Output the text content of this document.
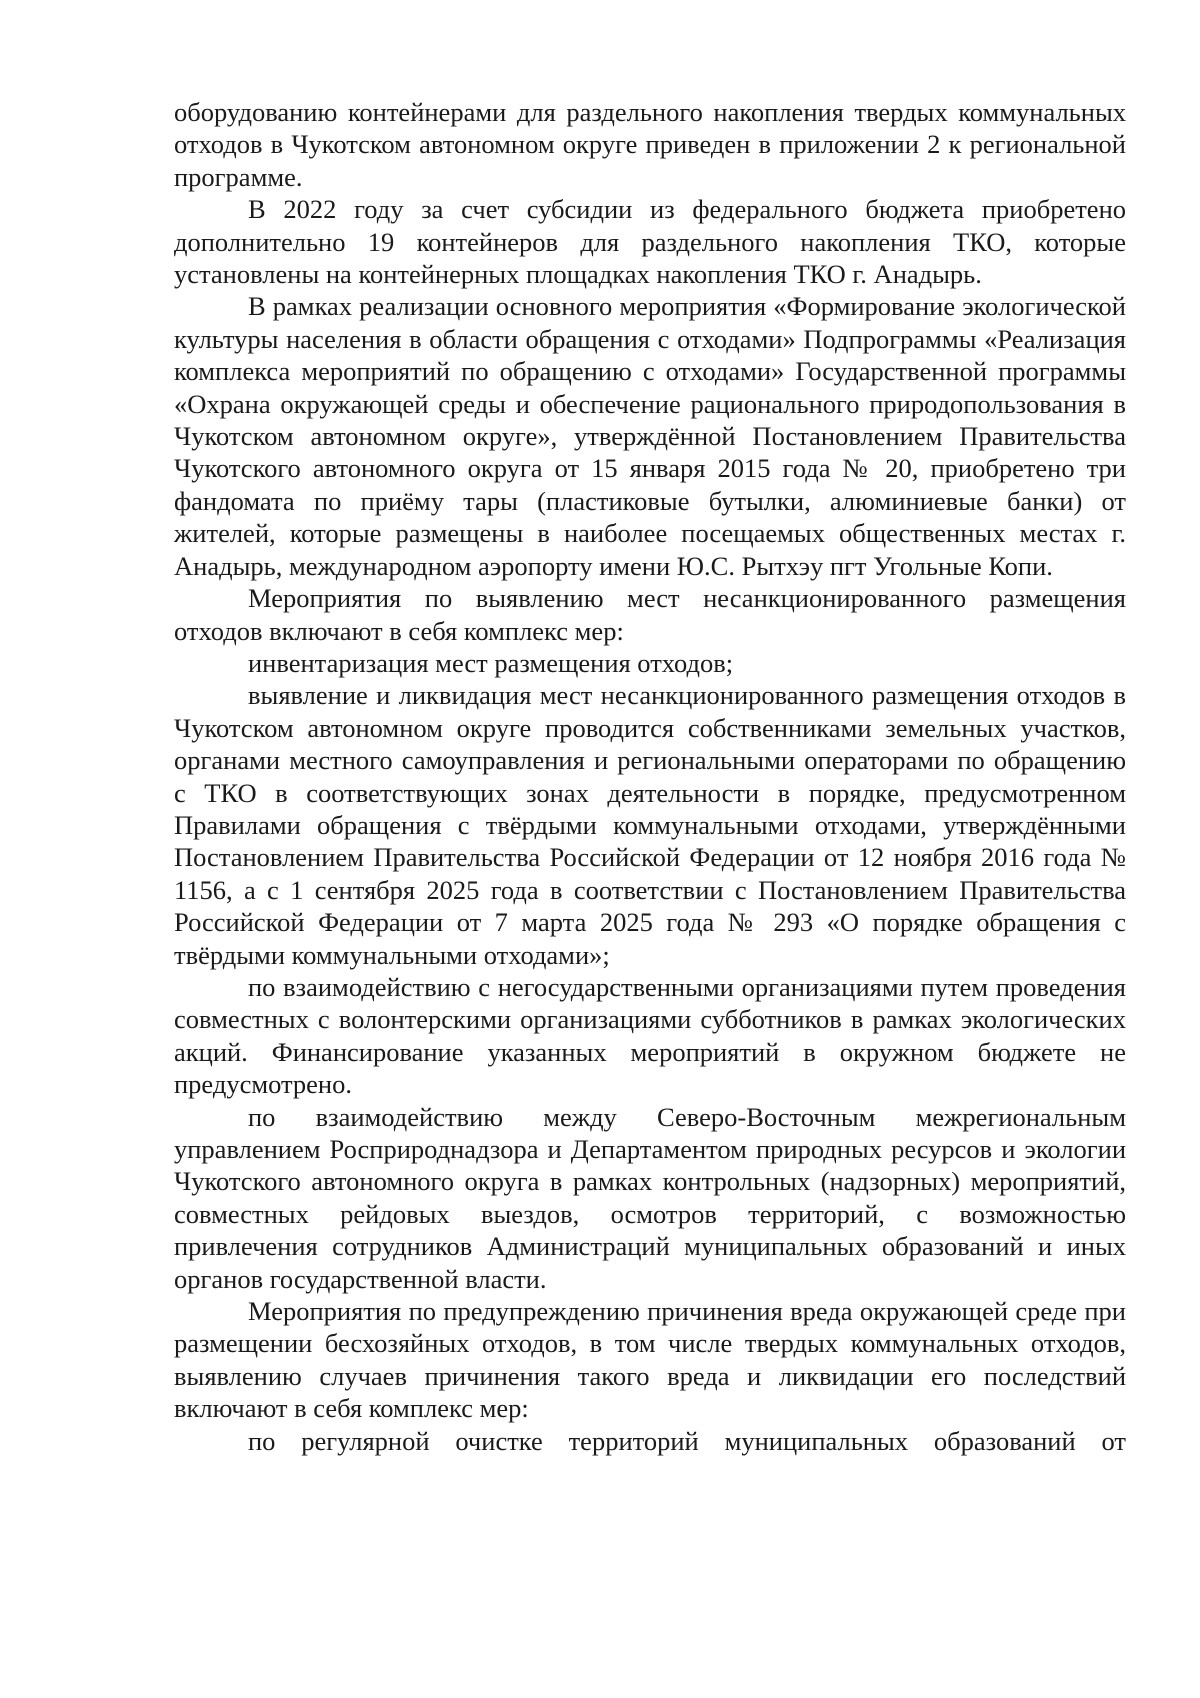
оборудованию контейнерами для раздельного накопления твердых коммунальных отходов в Чукотском автономном округе приведен в приложении 2 к региональной программе.

В 2022 году за счет субсидии из федерального бюджета приобретено дополнительно 19 контейнеров для раздельного накопления ТКО, которые установлены на контейнерных площадках накопления ТКО г. Анадырь.

В рамках реализации основного мероприятия «Формирование экологической культуры населения в области обращения с отходами» Подпрограммы «Реализация комплекса мероприятий по обращению с отходами» Государственной программы «Охрана окружающей среды и обеспечение рационального природопользования в Чукотском автономном округе», утверждённой Постановлением Правительства Чукотского автономного округа от 15 января 2015 года № 20, приобретено три фандомата по приёму тары (пластиковые бутылки, алюминиевые банки) от жителей, которые размещены в наиболее посещаемых общественных местах г. Анадырь, международном аэропорту имени Ю.С. Рытхэу пгт Угольные Копи.

Мероприятия по выявлению мест несанкционированного размещения отходов включают в себя комплекс мер:

инвентаризация мест размещения отходов;

выявление и ликвидация мест несанкционированного размещения отходов в Чукотском автономном округе проводится собственниками земельных участков, органами местного самоуправления и региональными операторами по обращению с ТКО в соответствующих зонах деятельности в порядке, предусмотренном Правилами обращения с твёрдыми коммунальными отходами, утверждёнными Постановлением Правительства Российской Федерации от 12 ноября 2016 года № 1156, а с 1 сентября 2025 года в соответствии с Постановлением Правительства Российской Федерации от 7 марта 2025 года № 293 «О порядке обращения с твёрдыми коммунальными отходами»;

по взаимодействию с негосударственными организациями путем проведения совместных с волонтерскими организациями субботников в рамках экологических акций. Финансирование указанных мероприятий в окружном бюджете не предусмотрено.

по взаимодействию между Северо-Восточным межрегиональным управлением Росприроднадзора и Департаментом природных ресурсов и экологии Чукотского автономного округа в рамках контрольных (надзорных) мероприятий, совместных рейдовых выездов, осмотров территорий, с возможностью привлечения сотрудников Администраций муниципальных образований и иных органов государственной власти.

Мероприятия по предупреждению причинения вреда окружающей среде при размещении бесхозяйных отходов, в том числе твердых коммунальных отходов, выявлению случаев причинения такого вреда и ликвидации его последствий включают в себя комплекс мер:

по регулярной очистке территорий муниципальных образований от
